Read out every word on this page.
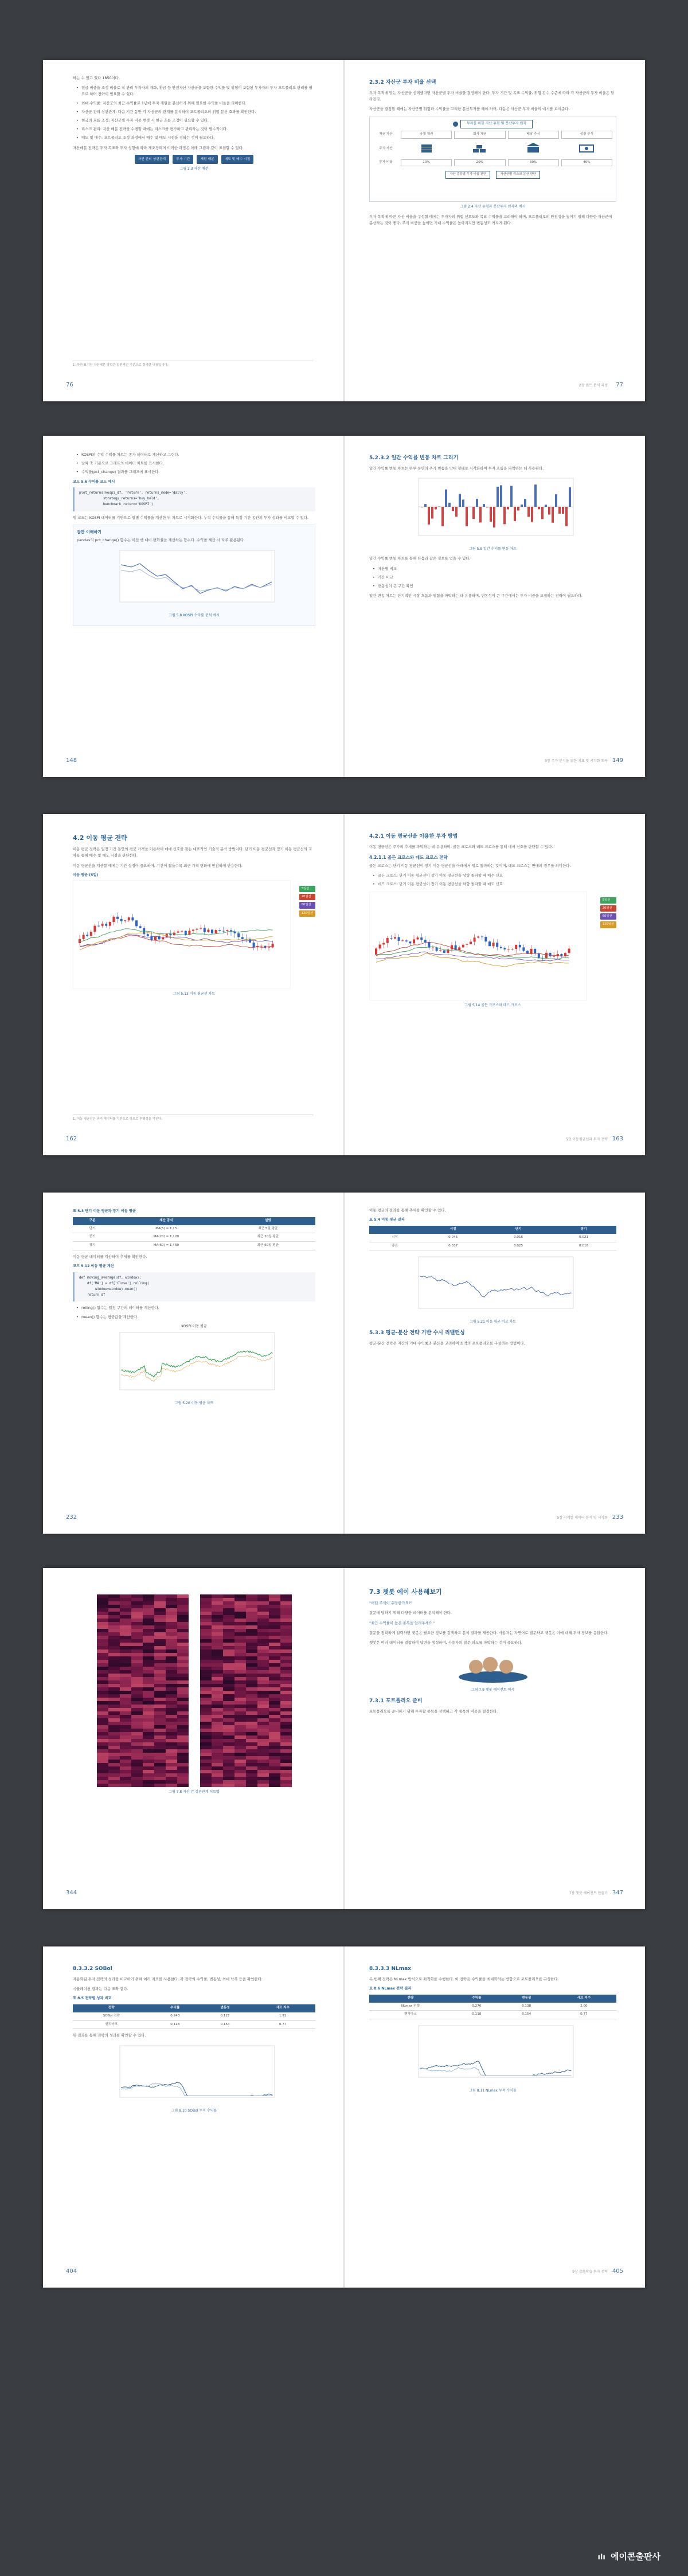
하는 수 있고 있다 1850이다.

• 현금 비중을 조정 비율로 직 관리 투자자의 재화, 환금 등 안전자산 자산군을 포함한 수익률 및 위험이 포함된 투자자의 투자 포트폴리오 관리를 필요로 하며 전략이 필요할 수 있다.
• 최대 수익률: 자산군의 최근 수익률로 1년에 투자 재원을 분산하기 위해 필요한 수익률 비율을 의미한다.
• 자산군 간의 상관관계: 다음 기간 동안 각 자산군의 관계를 분석하여 포트폴리오의 위험 분산 효과를 확인한다.
• 현금의 흐름 조정: 자산군별 투자 비중 변경 시 현금 흐름 조정이 필요할 수 있다.
• 리스크 관리: 자산 배분 전략을 수행할 때에는 리스크를 평가하고 관리하는 것이 필수적이다.
• 매도 및 매수: 포트폴리오 조정 과정에서 매수 및 매도 시점을 정하는 것이 필요하다.

자산배분 전략은 투자 목표와 투자 성향에 따라 재조정되며 이러한 과정은 아래 그림과 같이 표현할 수 있다.

자산 간의 상관관계	투자 기간	재원 배분	매도 및 매수 시점
그림 2.3 자산 배분
1. 하단 표기된 자산배분 방법은 일반적인 기준으로 정리한 내용입니다.
76
2.3.2 자산군 투자 비율 선택

투자 목적에 맞는 자산군을 선택했다면 자산군별 투자 비율을 결정해야 한다. 투자 기간 및 목표 수익률, 위험 감수 수준에 따라 각 자산군의 투자 비율은 달라진다.

자산군을 결정할 때에는 자산군별 위험과 수익률을 고려한 분산투자를 해야 하며, 다음은 자산군 투자 비율의 예시를 보여준다.

투자를 위한 자산 유형 및 분산투자 원칙
채권 자산	국채 채권	회사 채권	배당 주식	성장 주식
주식 자산
투자 비율	10%	20%	30%	40%
자산 종류별 투자 비율 판단	자산군별 리스크 분산 판단
그림 2.4 자산 유형과 분산투자 원칙의 예시

투자 목적에 따른 자산 비율을 구성할 때에는 투자자의 위험 선호도와 목표 수익률을 고려해야 하며, 포트폴리오의 안정성을 높이기 위해 다양한 자산군에 분산하는 것이 좋다. 주식 비중을 높이면 기대 수익률은 높아지지만 변동성도 커지게 된다.

2장 퀀트 분석 과정 77
• KOSPI의 수익 수익률 차트는 종가 데이터로 계산하고 그린다.
• 날짜 축 기준으로 그래프의 데이터 차트를 표시한다.
• 수익률(pct_change) 결과를 그래프에 표시한다.
코드 5.6 수익률 코드 예시
plot_returns(kospi_df, 'return', returns_mode='daily',
strategy_returns='buy_hold',
benchmark_return='KOSPI')

위 코드는 KOSPI 데이터를 기반으로 일별 수익률을 계산한 뒤 차트로 시각화한다. 누적 수익률을 통해 특정 기간 동안의 투자 성과를 비교할 수 있다.

잠깐 이해하기

pandas의 pct_change() 함수는 이전 행 대비 변화율을 계산하는 함수다. 수익률 계산 시 자주 활용된다.

그림 5.8 KOSPI 수익률 분석 예시
148
5.2.3.2 일간 수익률 변동 차트 그리기

일간 수익률 변동 차트는 하루 동안의 주가 변동을 막대 형태로 시각화하여 투자 흐름을 파악하는 데 사용된다.

그림 5.9 일간 수익률 변동 차트

일간 수익률 변동 차트를 통해 다음과 같은 정보를 얻을 수 있다.

• 자산별 비교
• 기간 비교
• 변동성이 큰 구간 확인

일간 변동 차트는 단기적인 시장 흐름과 위험을 파악하는 데 유용하며, 변동성이 큰 구간에서는 투자 비중을 조절하는 전략이 필요하다.

5장 주가 분석을 위한 지표 및 시각화 도구 149
4.2 이동 평균 전략

이동 평균 전략은 일정 기간 동안의 평균 가격을 이용하여 매매 신호를 찾는 대표적인 기술적 분석 방법이다. 단기 이동 평균선과 장기 이동 평균선의 교차를 통해 매수 및 매도 시점을 판단한다.

이동 평균선을 계산할 때에는 기간 설정이 중요하며, 기간이 짧을수록 최근 가격 변화에 민감하게 반응한다.

이동 평균 (5일)
5일선
20일선
60일선
120일선
그림 5.13 이동 평균선 차트
1. 이동 평균선은 과거 데이터를 기반으로 하므로 후행성을 가진다.
162
4.2.1 이동 평균선을 이용한 투자 방법

이동 평균선은 주가의 추세를 파악하는 데 유용하며, 골든 크로스와 데드 크로스를 통해 매매 신호를 판단할 수 있다.

4.2.1.1 골든 크로스와 데드 크로스 전략

골든 크로스는 단기 이동 평균선이 장기 이동 평균선을 아래에서 위로 돌파하는 것이며, 데드 크로스는 반대의 경우를 의미한다.

• 골든 크로스: 단기 이동 평균선이 장기 이동 평균선을 상향 돌파할 때 매수 신호
• 데드 크로스: 단기 이동 평균선이 장기 이동 평균선을 하향 돌파할 때 매도 신호
5일선
20일선
60일선
120일선
그림 5.14 골든 크로스와 데드 크로스
5장 이동평균선과 투자 전략 163
표 5.3 단기 이동 평균과 장기 이동 평균
구분	계산 공식	설명
단기	MA(5) = Σ / 5	최근 5일 평균
중기	MA(20) = Σ / 20	최근 20일 평균
장기	MA(60) = Σ / 60	최근 60일 평균

이동 평균 데이터를 계산하여 추세를 확인한다.

코드 5.12 이동 평균 계산
def moving_average(df, window):
df['MA'] = df['Close'].rolling(
window=window).mean()
return df
• rolling() 함수는 일정 구간의 데이터를 계산한다.
• mean() 함수는 평균값을 계산한다.
KOSPI 이동 평균
그림 5.20 이동 평균 차트
232

이동 평균의 결과를 통해 추세를 확인할 수 있다.

표 5.4 이동 평균 결과
	시점	단기	장기
시작	0.045	0.016	0.021
종료	0.037	0.025	0.018
그림 5.21 이동 평균 비교 차트
5.3.3 평균-분산 전략 기반 수시 리밸런싱

평균-분산 전략은 자산의 기대 수익률과 분산을 고려하여 최적의 포트폴리오를 구성하는 방법이다.

5장 시계열 데이터 분석 및 시각화 233
그림 7.8 자산 간 상관관계 히트맵
344
7.3 챗봇 에이 사용해보기

"어떤 주식이 유망한가요?"

질문에 답하기 위해 다양한 데이터를 분석해야 한다.

"최근 수익률이 높은 종목을 알려주세요."

질문을 정확하게 입력하면 챗봇은 필요한 정보를 검색하고 분석 결과를 제공한다. 사용자는 자연어로 질문하고 챗봇은 이에 대해 투자 정보를 응답한다.

챗봇은 여러 데이터를 결합하여 답변을 생성하며, 사용자의 질문 의도를 파악하는 것이 중요하다.

그림 7.9 챗봇 에이전트 예시
7.3.1 포트폴리오 준비

포트폴리오를 준비하기 위해 투자할 종목을 선택하고 각 종목의 비중을 결정한다.

7장 챗봇 에이전트 만들기 347
8.3.3.2 SOBol

자동화된 투자 전략의 성과를 비교하기 위해 여러 지표를 사용한다. 각 전략의 수익률, 변동성, 최대 낙폭 등을 확인한다.

시뮬레이션 결과는 다음 표와 같다.

표 8.5 전략별 성과 비교
전략	수익률	변동성	샤프 지수
SOBol 전략	0.243	0.127	1.91
벤치마크	0.118	0.154	0.77

위 결과를 통해 전략의 성과를 확인할 수 있다.

그림 8.10 SOBol 누적 수익률
404
8.3.3.3 NLmax

두 번째 전략은 NLmax 방식으로 최적화를 수행한다. 이 전략은 수익률을 최대화하는 방향으로 포트폴리오를 구성한다.

표 8.6 NLmax 전략 결과
전략	수익률	변동성	샤프 지수
NLmax 전략	0.276	0.138	2.00
벤치마크	0.118	0.154	0.77
그림 8.11 NLmax 누적 수익률
9장 강화학습 투자 전략 405
ılı 에이콘출판사
